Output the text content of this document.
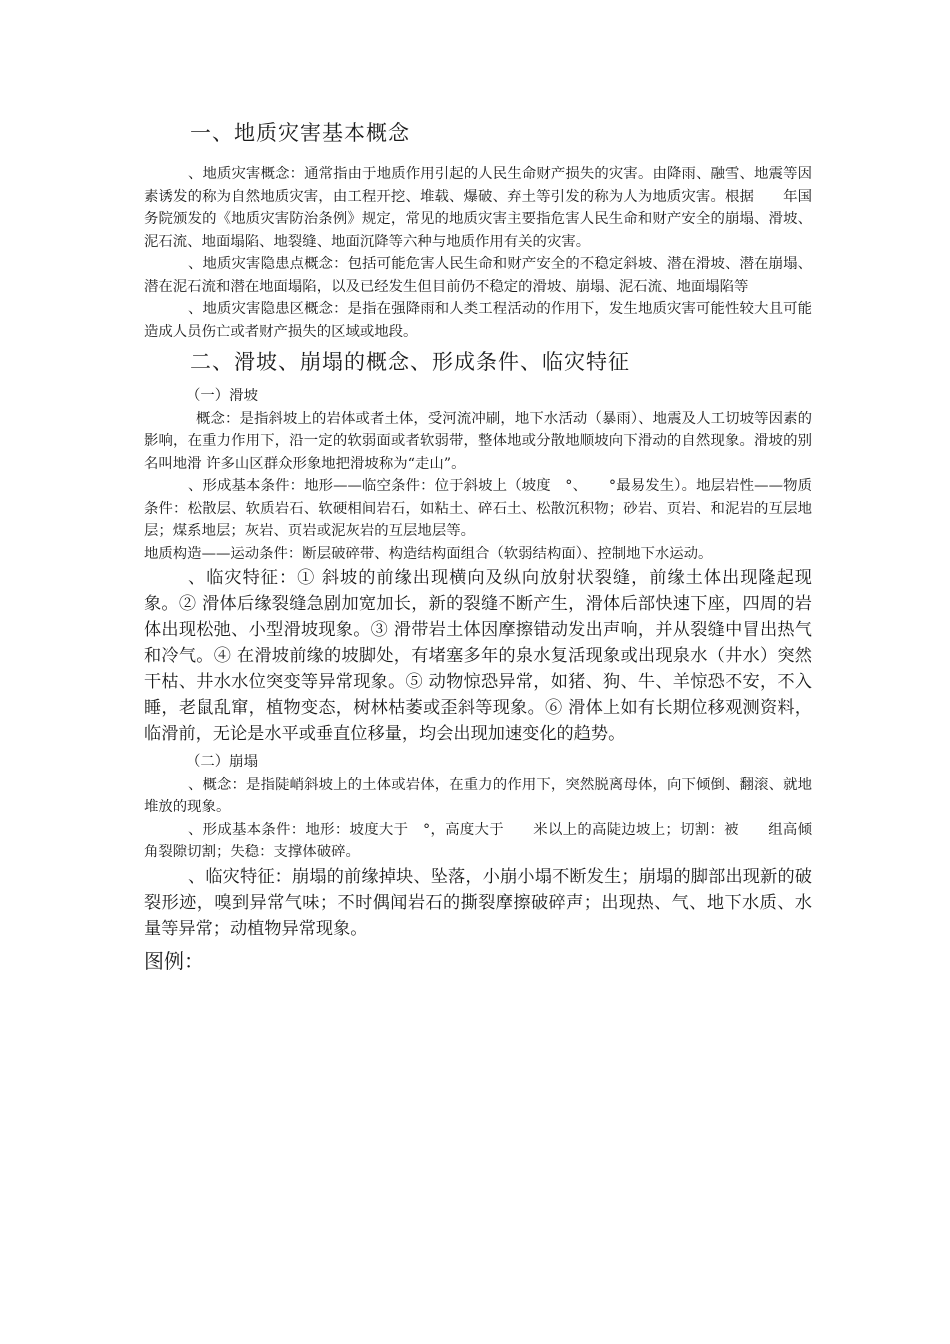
一、地质灾害基本概念

、地质灾害概念：通常指由于地质作用引起的人民生命财产损失的灾害。由降雨、融雪、地震等因素诱发的称为自然地质灾害，由工程开挖、堆载、爆破、弃土等引发的称为人为地质灾害。根据　　年国务院颁发的《地质灾害防治条例》规定，常见的地质灾害主要指危害人民生命和财产安全的崩塌、滑坡、泥石流、地面塌陷、地裂缝、地面沉降等六种与地质作用有关的灾害。

、地质灾害隐患点概念：包括可能危害人民生命和财产安全的不稳定斜坡、潜在滑坡、潜在崩塌、潜在泥石流和潜在地面塌陷，以及已经发生但目前仍不稳定的滑坡、崩塌、泥石流、地面塌陷等

、地质灾害隐患区概念：是指在强降雨和人类工程活动的作用下，发生地质灾害可能性较大且可能造成人员伤亡或者财产损失的区域或地段。

二、滑坡、崩塌的概念、形成条件、临灾特征

（一）滑坡

概念：是指斜坡上的岩体或者土体，受河流冲刷，地下水活动（暴雨）、地震及人工切坡等因素的影响，在重力作用下，沿一定的软弱面或者软弱带，整体地或分散地顺坡向下滑动的自然现象。滑坡的别名叫地滑 许多山区群众形象地把滑坡称为“走山”。

、形成基本条件：地形——临空条件：位于斜坡上（坡度　°、　　°最易发生）。地层岩性——物质条件：松散层、软质岩石、软硬相间岩石，如粘土、碎石土、松散沉积物；砂岩、页岩、和泥岩的互层地层；煤系地层；灰岩、页岩或泥灰岩的互层地层等。

地质构造——运动条件：断层破碎带、构造结构面组合（软弱结构面）、控制地下水运动。

、临灾特征：① 斜坡的前缘出现横向及纵向放射状裂缝，前缘土体出现隆起现象。② 滑体后缘裂缝急剧加宽加长，新的裂缝不断产生，滑体后部快速下座，四周的岩体出现松弛、小型滑坡现象。③ 滑带岩土体因摩擦错动发出声响，并从裂缝中冒出热气和冷气。④ 在滑坡前缘的坡脚处，有堵塞多年的泉水复活现象或出现泉水（井水）突然干枯、井水水位突变等异常现象。⑤ 动物惊恐异常，如猪、狗、牛、羊惊恐不安，不入睡，老鼠乱窜，植物变态，树林枯萎或歪斜等现象。⑥ 滑体上如有长期位移观测资料，临滑前，无论是水平或垂直位移量，均会出现加速变化的趋势。

（二）崩塌

、概念：是指陡峭斜坡上的土体或岩体，在重力的作用下，突然脱离母体，向下倾倒、翻滚、就地堆放的现象。

、形成基本条件：地形：坡度大于　°，高度大于　　米以上的高陡边坡上；切割：被　　组高倾角裂隙切割；失稳：支撑体破碎。

、临灾特征：崩塌的前缘掉块、坠落，小崩小塌不断发生；崩塌的脚部出现新的破裂形迹，嗅到异常气味；不时偶闻岩石的撕裂摩擦破碎声；出现热、气、地下水质、水量等异常；动植物异常现象。

图例：
